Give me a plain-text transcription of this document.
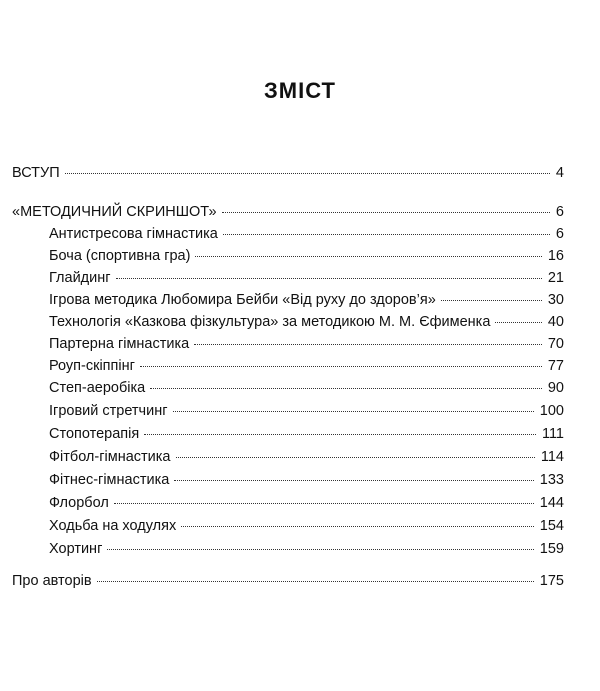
ЗМІСТ
ВСТУП	4
«МЕТОДИЧНИЙ СКРИНШОТ»	6
Антистресова гімнастика	6
Боча (спортивна гра)	16
Глайдинг	21
Ігрова методика Любомира Бейби «Від руху до здоров’я»	30
Технологія «Казкова фізкультура» за методикою М. М. Єфименка	40
Партерна гімнастика	70
Роуп-скіппінг	77
Степ-аеробіка	90
Ігровий стретчинг	100
Стопотерапія	111
Фітбол-гімнастика	114
Фітнес-гімнастика	133
Флорбол	144
Ходьба на ходулях	154
Хортинг	159
Про авторів	175
